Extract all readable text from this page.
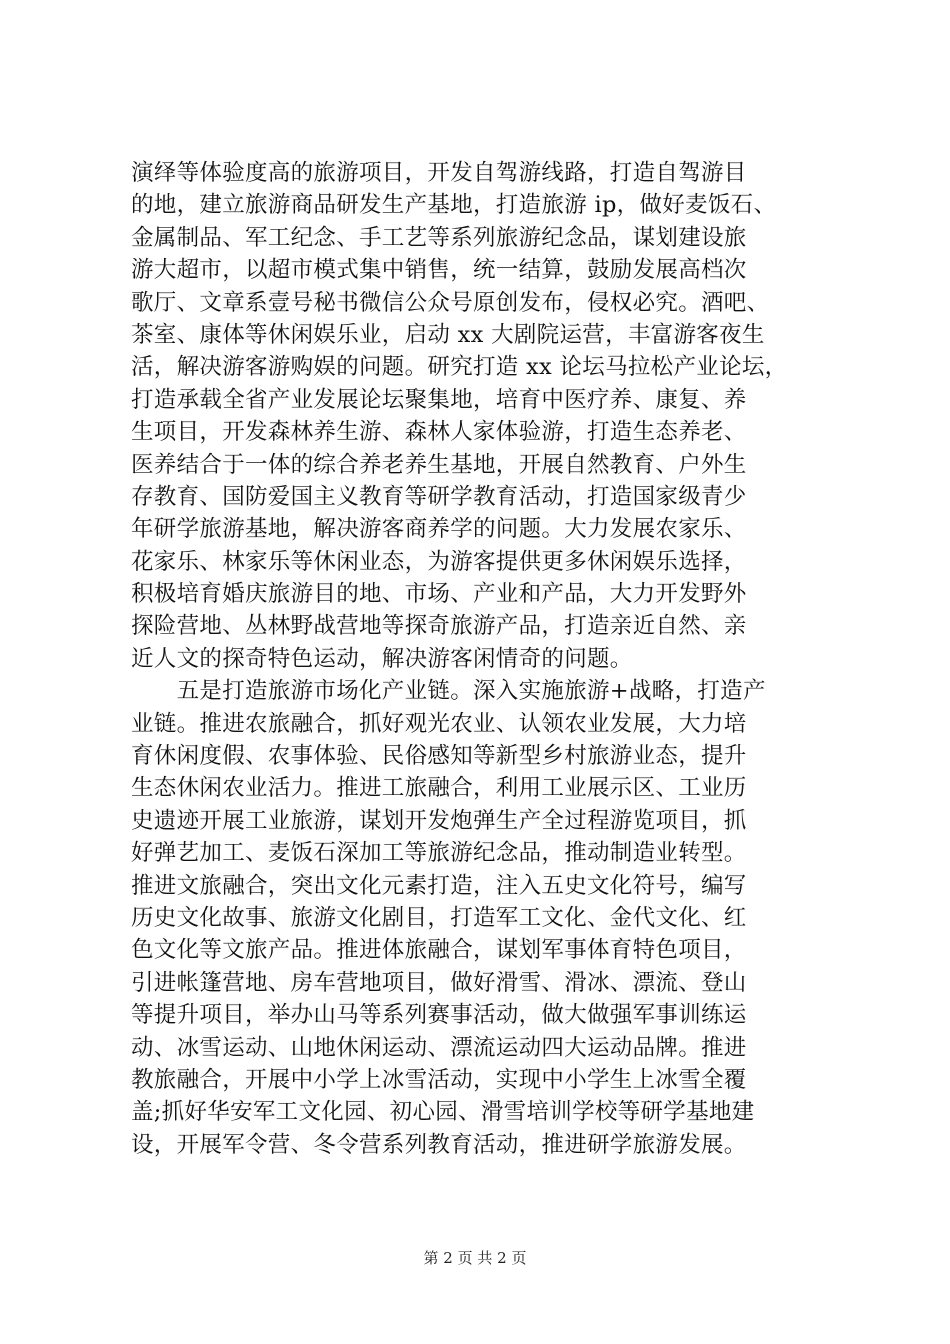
演绎等体验度高的旅游项目，开发自驾游线路，打造自驾游目
的地，建立旅游商品研发生产基地，打造旅游 ip，做好麦饭石、
金属制品、军工纪念、手工艺等系列旅游纪念品，谋划建设旅
游大超市，以超市模式集中销售，统一结算，鼓励发展高档次
歌厅、文章系壹号秘书微信公众号原创发布，侵权必究。酒吧、
茶室、康体等休闲娱乐业，启动 xx 大剧院运营，丰富游客夜生
活，解决游客游购娱的问题。研究打造 xx 论坛马拉松产业论坛，
打造承载全省产业发展论坛聚集地，培育中医疗养、康复、养
生项目，开发森林养生游、森林人家体验游，打造生态养老、
医养结合于一体的综合养老养生基地，开展自然教育、户外生
存教育、国防爱国主义教育等研学教育活动，打造国家级青少
年研学旅游基地，解决游客商养学的问题。大力发展农家乐、
花家乐、林家乐等休闲业态，为游客提供更多休闲娱乐选择，
积极培育婚庆旅游目的地、市场、产业和产品，大力开发野外
探险营地、丛林野战营地等探奇旅游产品，打造亲近自然、亲
近人文的探奇特色运动，解决游客闲情奇的问题。
　　五是打造旅游市场化产业链。深入实施旅游+战略，打造产
业链。推进农旅融合，抓好观光农业、认领农业发展，大力培
育休闲度假、农事体验、民俗感知等新型乡村旅游业态，提升
生态休闲农业活力。推进工旅融合，利用工业展示区、工业历
史遗迹开展工业旅游，谋划开发炮弹生产全过程游览项目，抓
好弹艺加工、麦饭石深加工等旅游纪念品，推动制造业转型。
推进文旅融合，突出文化元素打造，注入五史文化符号，编写
历史文化故事、旅游文化剧目，打造军工文化、金代文化、红
色文化等文旅产品。推进体旅融合，谋划军事体育特色项目，
引进帐篷营地、房车营地项目，做好滑雪、滑冰、漂流、登山
等提升项目，举办山马等系列赛事活动，做大做强军事训练运
动、冰雪运动、山地休闲运动、漂流运动四大运动品牌。推进
教旅融合，开展中小学上冰雪活动，实现中小学生上冰雪全覆
盖;抓好华安军工文化园、初心园、滑雪培训学校等研学基地建
设，开展军令营、冬令营系列教育活动，推进研学旅游发展。
第 2 页 共 2 页
